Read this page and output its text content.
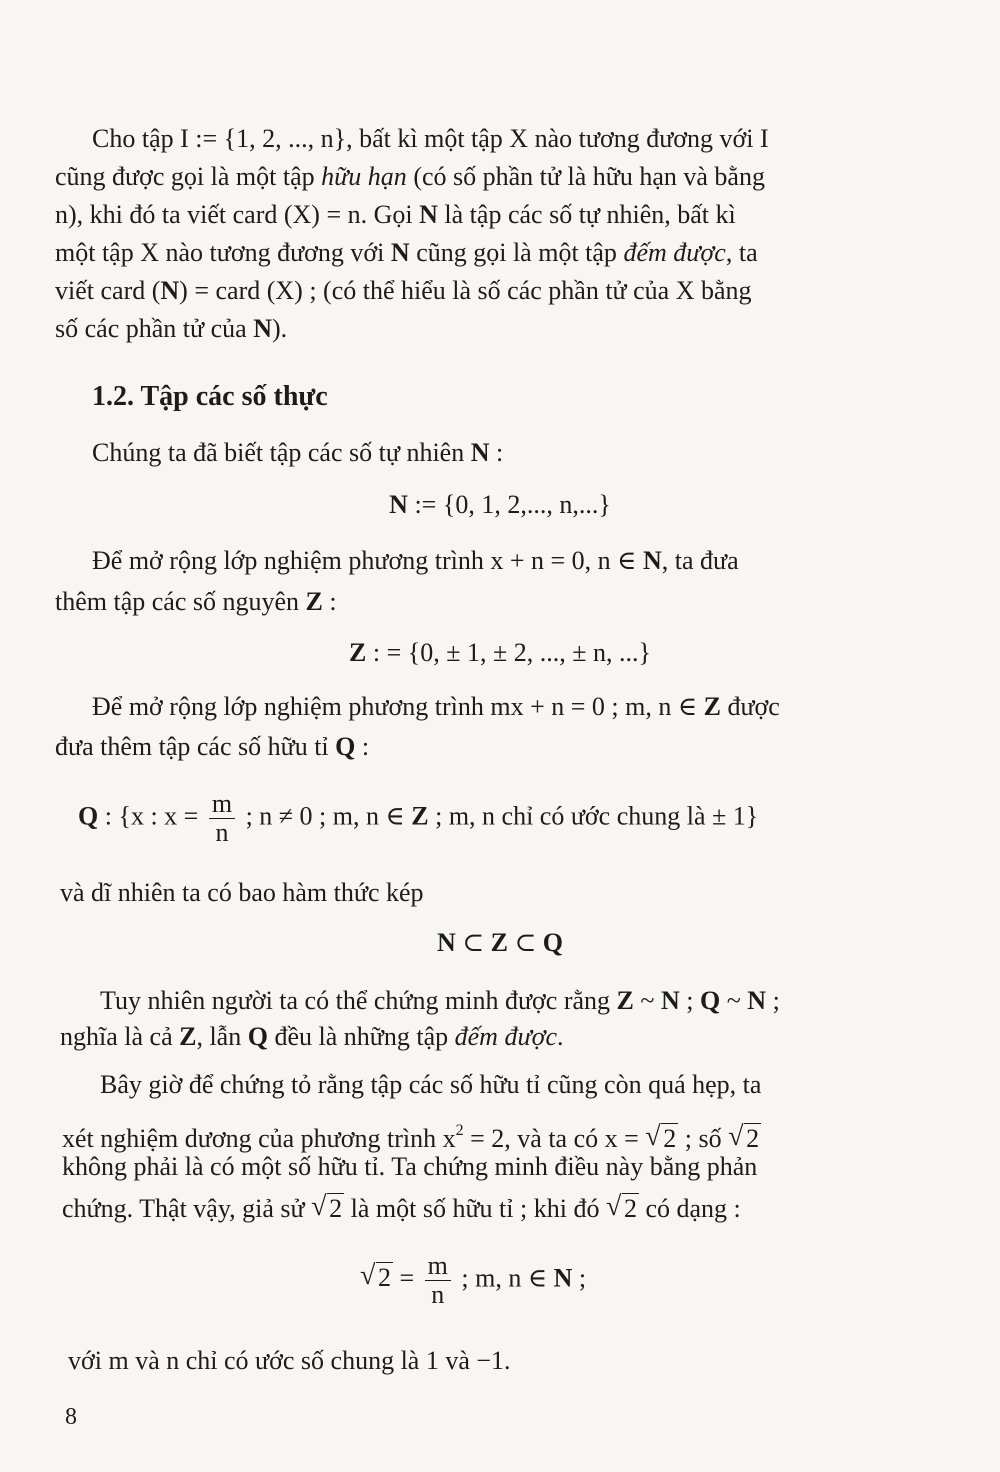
Cho tập I := {1, 2, ..., n}, bất kì một tập X nào tương đương với I
cũng được gọi là một tập hữu hạn (có số phần tử là hữu hạn và bằng
n), khi đó ta viết card (X) = n. Gọi N là tập các số tự nhiên, bất kì
một tập X nào tương đương với N cũng gọi là một tập đếm được, ta
viết card (N) = card (X) ; (có thể hiểu là số các phần tử của X bằng
số các phần tử của N).
1.2. Tập các số thực
Chúng ta đã biết tập các số tự nhiên N :
N := {0, 1, 2,..., n,...}
Để mở rộng lớp nghiệm phương trình x + n = 0, n ∈ N, ta đưa
thêm tập các số nguyên Z :
Z : = {0, ± 1, ± 2, ..., ± n, ...}
Để mở rộng lớp nghiệm phương trình mx + n = 0 ; m, n ∈ Z được
đưa thêm tập các số hữu tỉ Q :
Q : {x : $x = \frac{m}{n}$ ; n ≠ 0 ; m, n ∈ Z ; m, n chỉ có ước chung là ± 1}
và dĩ nhiên ta có bao hàm thức kép
N ⊂ Z ⊂ Q
Tuy nhiên người ta có thể chứng minh được rằng Z ~ N ; Q ~ N ;
nghĩa là cả Z, lẫn Q đều là những tập đếm được.
Bây giờ để chứng tỏ rằng tập các số hữu tỉ cũng còn quá hẹp, ta
xét nghiệm dương của phương trình $x^2 = 2$, và ta có x = √ 2 ; số √ 2
không phải là có một số hữu tỉ. Ta chứng minh điều này bằng phản
chứng. Thật vậy, giả sử √ 2 là một số hữu tỉ ; khi đó √ 2 có dạng :
√ $2 = \frac{m}{n}$ ; m, n ∈ N ;
với m và n chỉ có ước số chung là 1 và −1.
8
